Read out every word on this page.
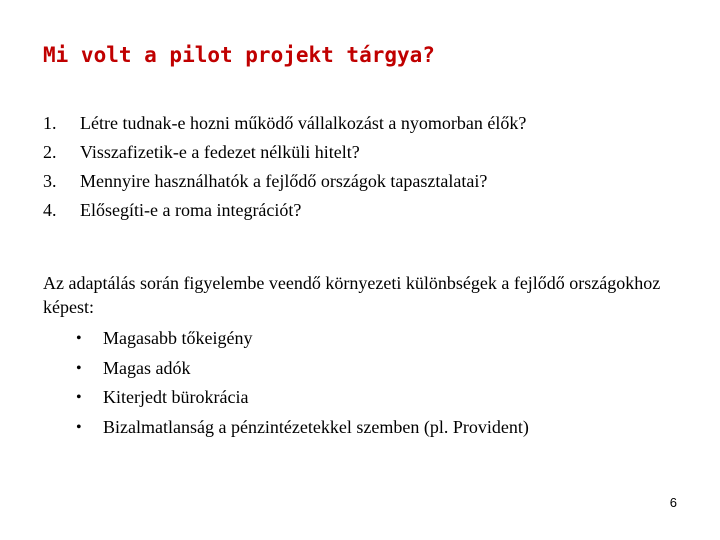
Mi volt a pilot projekt tárgya?
1.	Létre tudnak-e hozni működő vállalkozást a nyomorban élők?
2.	Visszafizetik-e a fedezet nélküli hitelt?
3.	Mennyire használhatók a fejlődő országok tapasztalatai?
4.	Elősegíti-e a roma integrációt?

Az adaptálás során figyelembe veendő környezeti különbségek a fejlődő országokhoz képest:

•	Magasabb tőkeigény
•	Magas adók
•	Kiterjedt bürokrácia
•	Bizalmatlanság a pénzintézetekkel szemben (pl. Provident)
6
